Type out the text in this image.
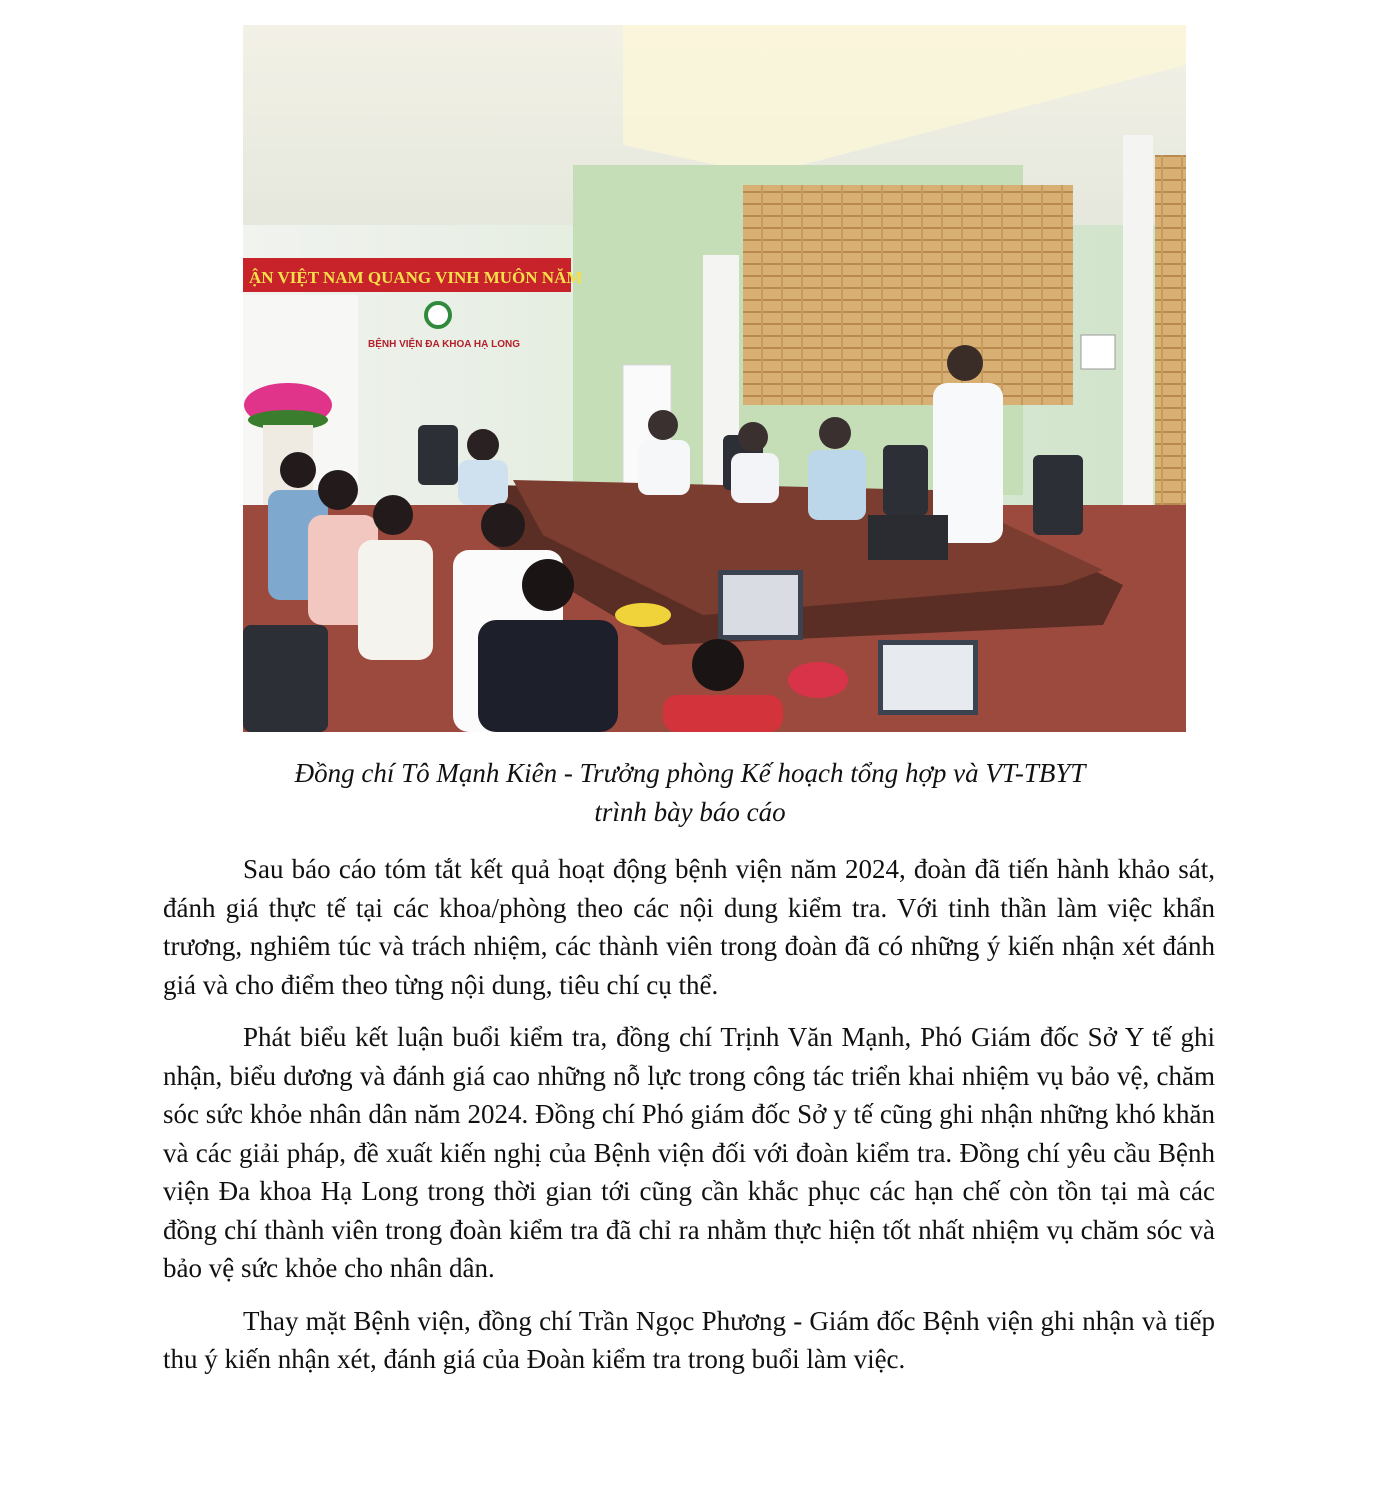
ẬN VIỆT NAM QUANG VINH MUÔN NĂM
BỆNH VIỆN ĐA KHOA HẠ LONG
Đồng chí Tô Mạnh Kiên - Trưởng phòng Kế hoạch tổng hợp và VT-TBYT
trình bày báo cáo

Sau báo cáo tóm tắt kết quả hoạt động bệnh viện năm 2024, đoàn đã tiến hành khảo sát, đánh giá thực tế tại các khoa/phòng theo các nội dung kiểm tra. Với tinh thần làm việc khẩn trương, nghiêm túc và trách nhiệm, các thành viên trong đoàn đã có những ý kiến nhận xét đánh giá và cho điểm theo từng nội dung, tiêu chí cụ thể.

Phát biểu kết luận buổi kiểm tra, đồng chí Trịnh Văn Mạnh, Phó Giám đốc Sở Y tế ghi nhận, biểu dương và đánh giá cao những nỗ lực trong công tác triển khai nhiệm vụ bảo vệ, chăm sóc sức khỏe nhân dân năm 2024. Đồng chí Phó giám đốc Sở y tế cũng ghi nhận những khó khăn và các giải pháp, đề xuất kiến nghị của Bệnh viện đối với đoàn kiểm tra. Đồng chí yêu cầu Bệnh viện Đa khoa Hạ Long trong thời gian tới cũng cần khắc phục các hạn chế còn tồn tại mà các đồng chí thành viên trong đoàn kiểm tra đã chỉ ra nhằm thực hiện tốt nhất nhiệm vụ chăm sóc và bảo vệ sức khỏe cho nhân dân.

Thay mặt Bệnh viện, đồng chí Trần Ngọc Phương - Giám đốc Bệnh viện ghi nhận và tiếp thu ý kiến nhận xét, đánh giá của Đoàn kiểm tra trong buổi làm việc.
